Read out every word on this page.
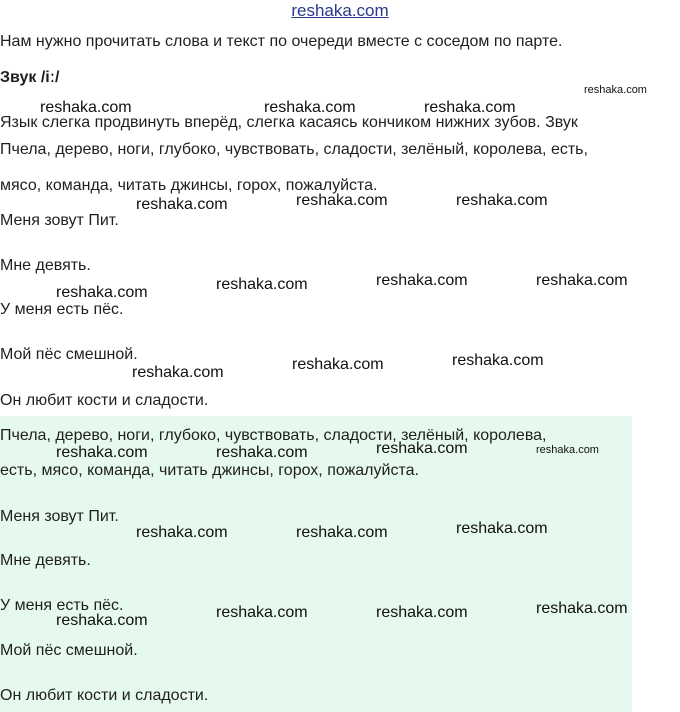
reshaka.com
Нам нужно прочитать слова и текст по очереди вместе с соседом по парте.
Звук /iː/
Язык слегка продвинуть вперёд, слегка касаясь кончиком нижних зубов. Звук
Пчела, дерево, ноги, глубоко, чувствовать, сладости, зелёный, королева, есть,
мясо, команда, читать джинсы, горох, пожалуйста.
Меня зовут Пит.
Мне девять.
У меня есть пёс.
Мой пёс смешной.
Он любит кости и сладости.
Пчела, дерево, ноги, глубоко, чувствовать, сладости, зелёный, королева,
есть, мясо, команда, читать джинсы, горох, пожалуйста.
Меня зовут Пит.
Мне девять.
У меня есть пёс.
Мой пёс смешной.
Он любит кости и сладости.
reshaka.com
reshaka.com	reshaka.com	reshaka.com
reshaka.com	reshaka.com	reshaka.com
reshaka.com	reshaka.com	reshaka.com	reshaka.com
reshaka.com	reshaka.com	reshaka.com
reshaka.com	reshaka.com	reshaka.com	reshaka.com
reshaka.com	reshaka.com	reshaka.com
reshaka.com	reshaka.com	reshaka.com	reshaka.com
